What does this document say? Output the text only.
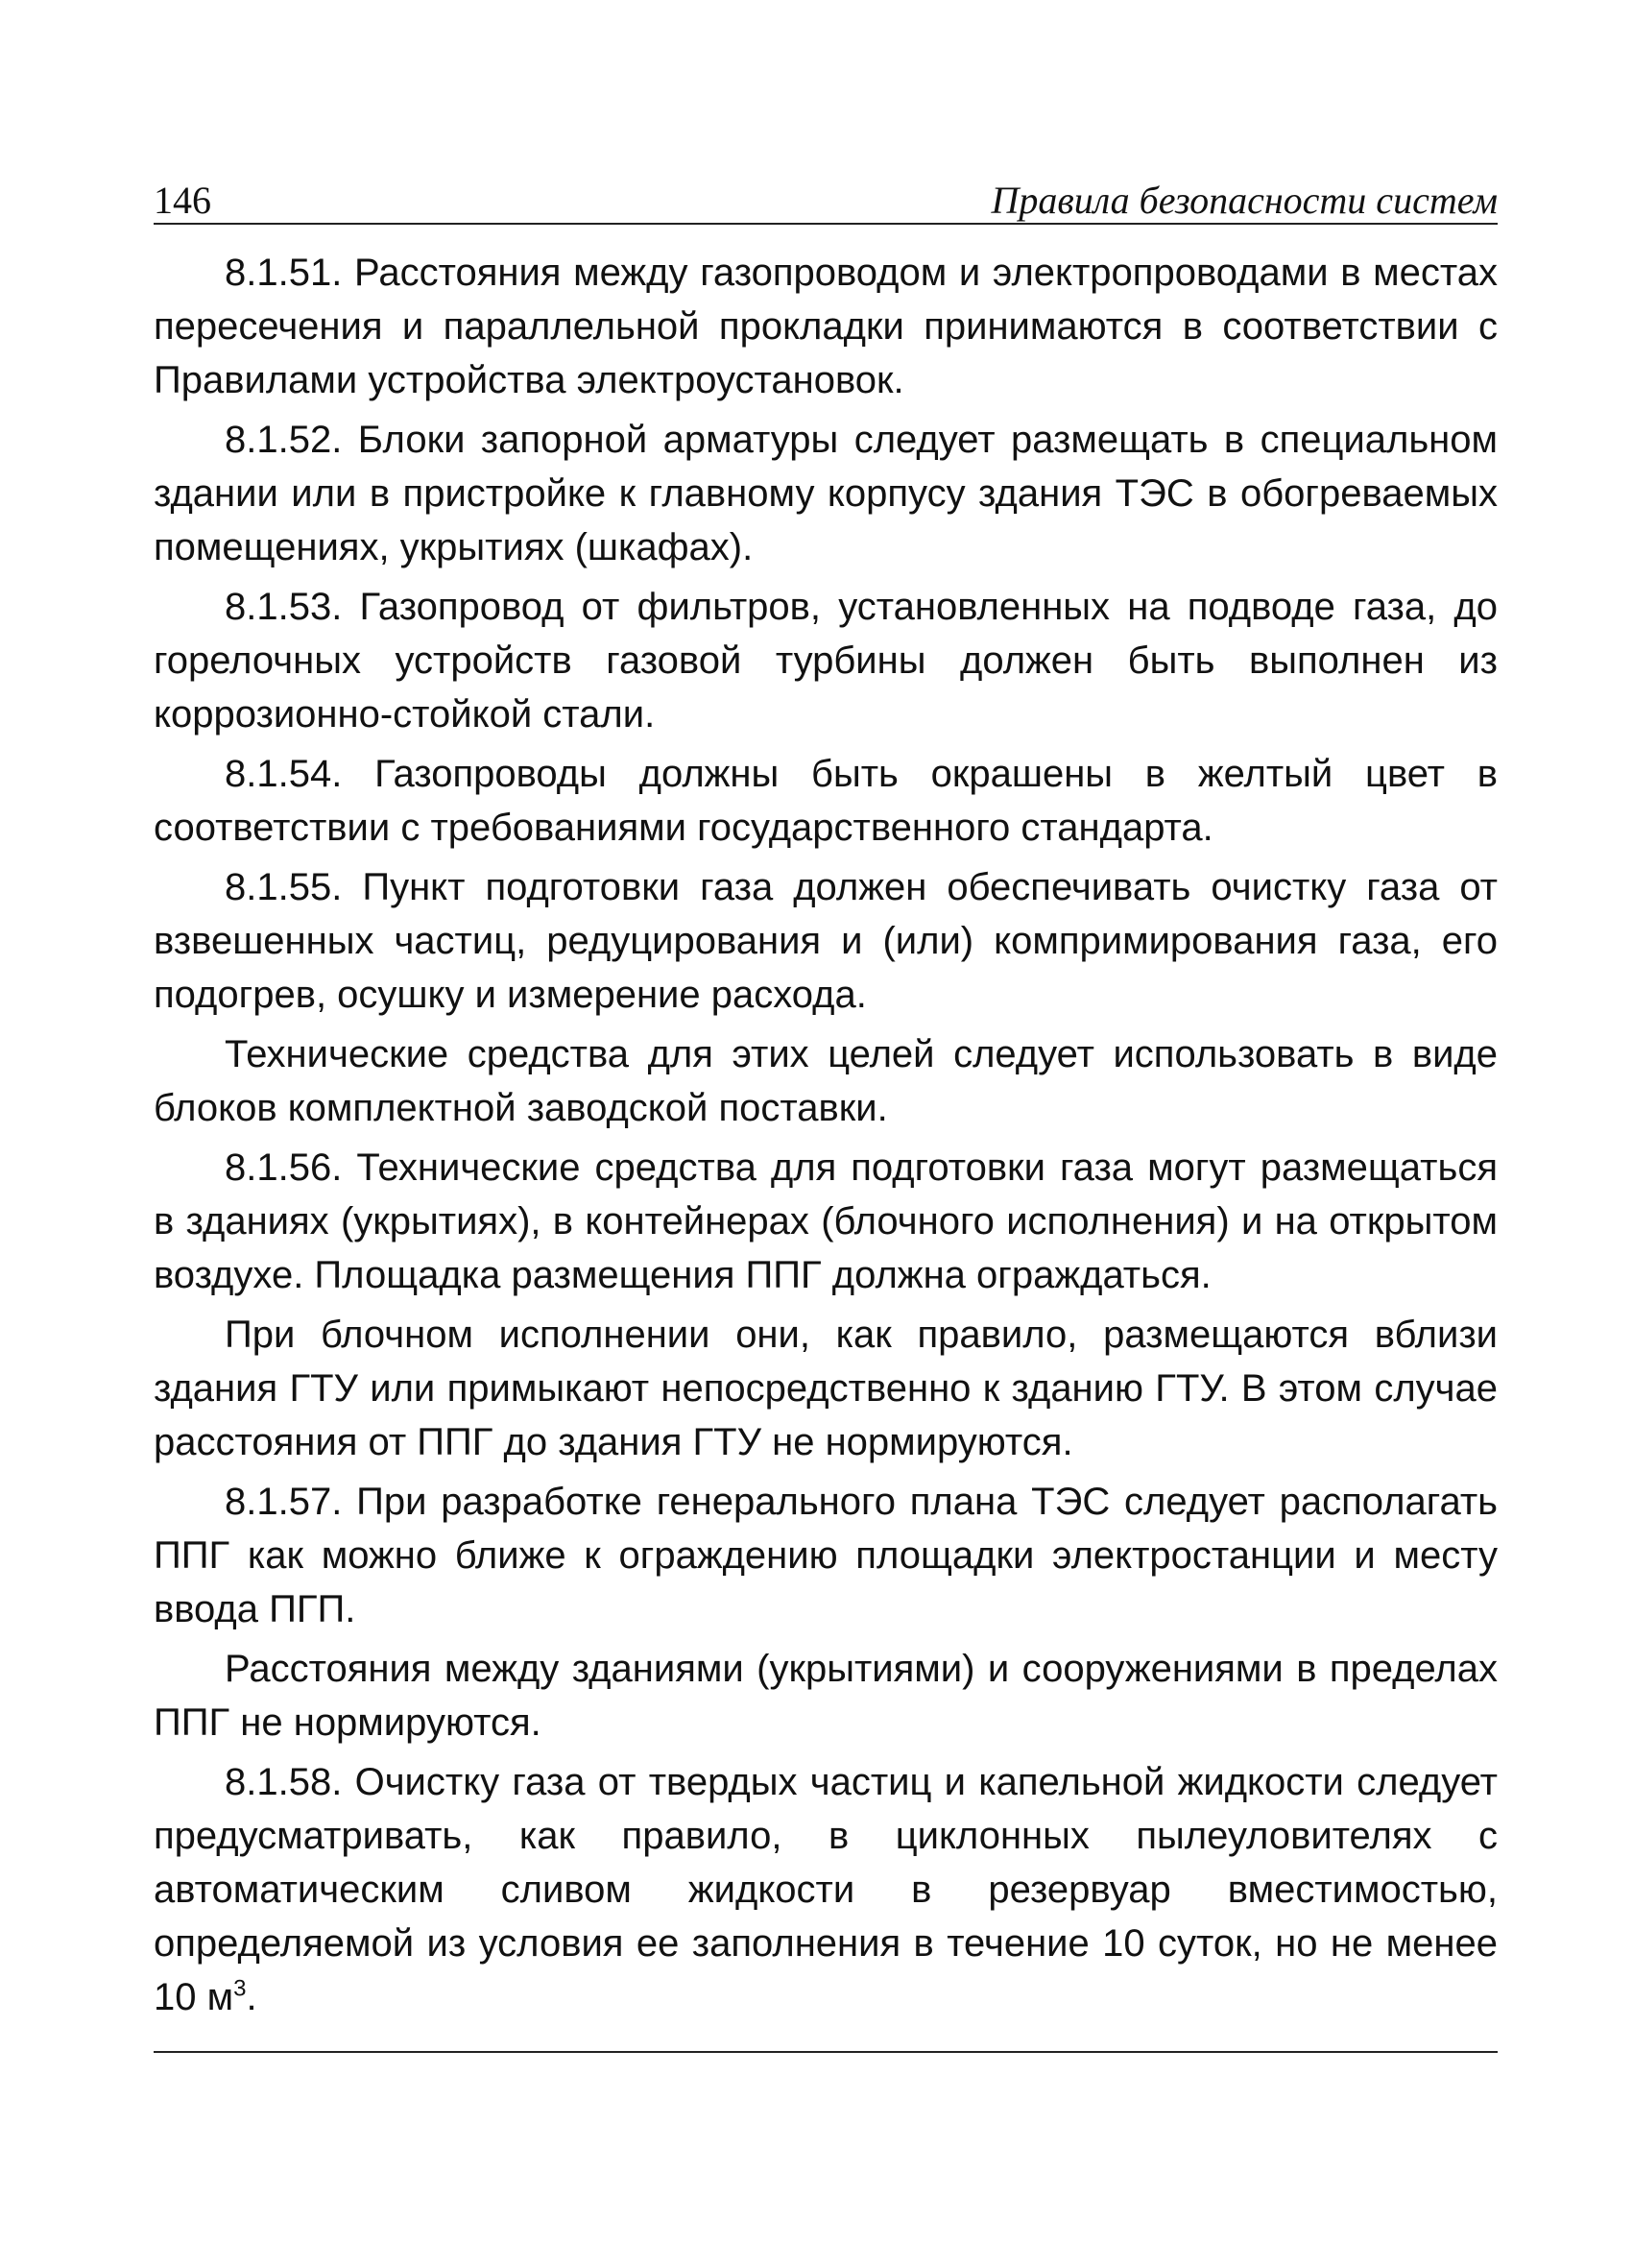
146	Правила безопасности систем

8.1.51. Расстояния между газопроводом и электропроводами в местах пересечения и параллельной прокладки принимаются в соответствии с Правилами устройства электроустановок.

8.1.52. Блоки запорной арматуры следует размещать в специальном здании или в пристройке к главному корпусу здания ТЭС в обогреваемых помещениях, укрытиях (шкафах).

8.1.53. Газопровод от фильтров, установленных на подводе газа, до горелочных устройств газовой турбины должен быть выполнен из коррозионно-стойкой стали.

8.1.54. Газопроводы должны быть окрашены в желтый цвет в соответствии с требованиями государственного стандарта.

8.1.55. Пункт подготовки газа должен обеспечивать очистку газа от взвешенных частиц, редуцирования и (или) компримирования газа, его подогрев, осушку и измерение расхода.

Технические средства для этих целей следует использовать в виде блоков комплектной заводской поставки.

8.1.56. Технические средства для подготовки газа могут размещаться в зданиях (укрытиях), в контейнерах (блочного исполнения) и на открытом воздухе. Площадка размещения ППГ должна ограждаться.

При блочном исполнении они, как правило, размещаются вблизи здания ГТУ или примыкают непосредственно к зданию ГТУ. В этом случае расстояния от ППГ до здания ГТУ не нормируются.

8.1.57. При разработке генерального плана ТЭС следует располагать ППГ как можно ближе к ограждению площадки электростанции и месту ввода ПГП.

Расстояния между зданиями (укрытиями) и сооружениями в пределах ППГ не нормируются.

8.1.58. Очистку газа от твердых частиц и капельной жидкости следует предусматривать, как правило, в циклонных пылеуловителях с автоматическим сливом жидкости в резервуар вместимостью, определяемой из условия ее заполнения в течение 10 суток, но не менее 10 $м^3$.
